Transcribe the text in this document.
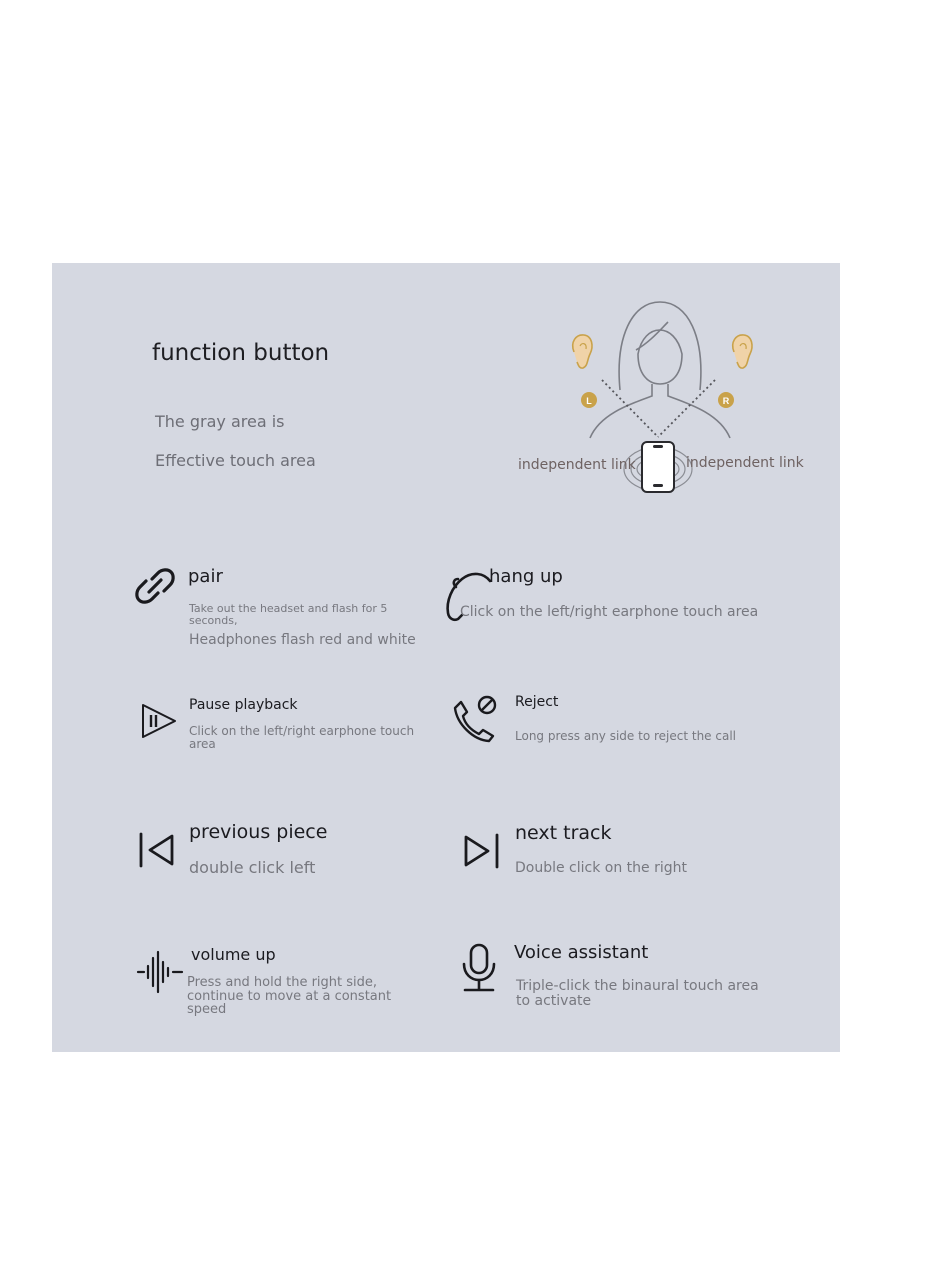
function button
The gray area is
Effective touch area
L	R
independent link	independent link
pair
Take out the headset and flash for 5 seconds,
Headphones flash red and white
hang up
Click on the left/right earphone touch area
Pause playback
Click on the left/right earphone touch area
Reject
Long press any side to reject the call
previous piece
double click left
next track
Double click on the right
volume up
Press and hold the right side, continue to move at a constant speed
Voice assistant
Triple-click the binaural touch area to activate
